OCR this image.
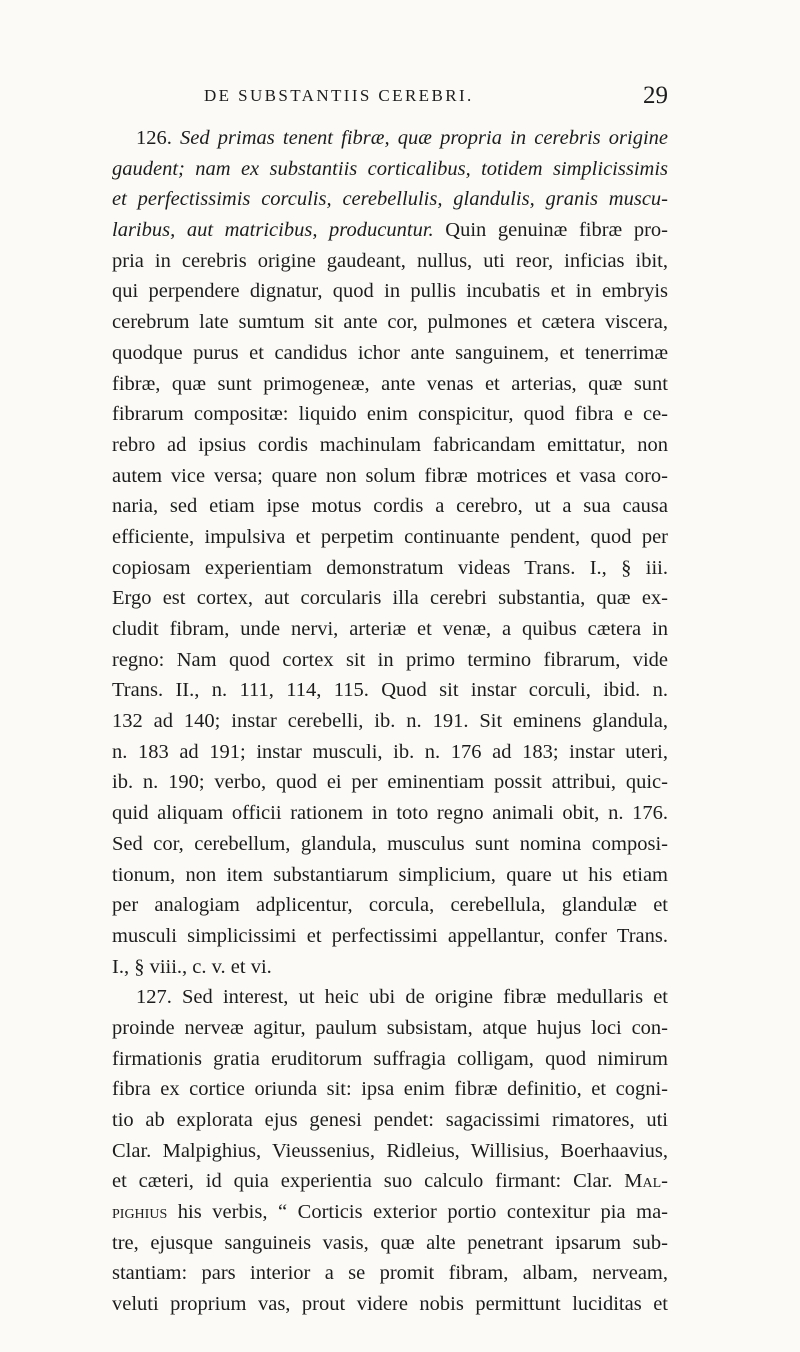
DE SUBSTANTIIS CEREBRI.	29
126. Sed primas tenent fibræ, quæ propria in cerebris origine
gaudent; nam ex substantiis corticalibus, totidem simplicissimis
et perfectissimis corculis, cerebellulis, glandulis, granis muscu-
laribus, aut matricibus, producuntur. Quin genuinæ fibræ pro-
pria in cerebris origine gaudeant, nullus, uti reor, inficias ibit,
qui perpendere dignatur, quod in pullis incubatis et in embryis
cerebrum late sumtum sit ante cor, pulmones et cætera viscera,
quodque purus et candidus ichor ante sanguinem, et tenerrimæ
fibræ, quæ sunt primogeneæ, ante venas et arterias, quæ sunt
fibrarum compositæ: liquido enim conspicitur, quod fibra e ce-
rebro ad ipsius cordis machinulam fabricandam emittatur, non
autem vice versa; quare non solum fibræ motrices et vasa coro-
naria, sed etiam ipse motus cordis a cerebro, ut a sua causa
efficiente, impulsiva et perpetim continuante pendent, quod per
copiosam experientiam demonstratum videas Trans. I., § iii.
Ergo est cortex, aut corcularis illa cerebri substantia, quæ ex-
cludit fibram, unde nervi, arteriæ et venæ, a quibus cætera in
regno: Nam quod cortex sit in primo termino fibrarum, vide
Trans. II., n. 111, 114, 115. Quod sit instar corculi, ibid. n.
132 ad 140; instar cerebelli, ib. n. 191. Sit eminens glandula,
n. 183 ad 191; instar musculi, ib. n. 176 ad 183; instar uteri,
ib. n. 190; verbo, quod ei per eminentiam possit attribui, quic-
quid aliquam officii rationem in toto regno animali obit, n. 176.
Sed cor, cerebellum, glandula, musculus sunt nomina composi-
tionum, non item substantiarum simplicium, quare ut his etiam
per analogiam adplicentur, corcula, cerebellula, glandulæ et
musculi simplicissimi et perfectissimi appellantur, confer Trans.
I., § viii., c. v. et vi.
127. Sed interest, ut heic ubi de origine fibræ medullaris et
proinde nerveæ agitur, paulum subsistam, atque hujus loci con-
firmationis gratia eruditorum suffragia colligam, quod nimirum
fibra ex cortice oriunda sit: ipsa enim fibræ definitio, et cogni-
tio ab explorata ejus genesi pendet: sagacissimi rimatores, uti
Clar. Malpighius, Vieussenius, Ridleius, Willisius, Boerhaavius,
et cæteri, id quia experientia suo calculo firmant: Clar. Mal-
pighius his verbis, “ Corticis exterior portio contexitur pia ma-
tre, ejusque sanguineis vasis, quæ alte penetrant ipsarum sub-
stantiam: pars interior a se promit fibram, albam, nerveam,
veluti proprium vas, prout videre nobis permittunt luciditas et
